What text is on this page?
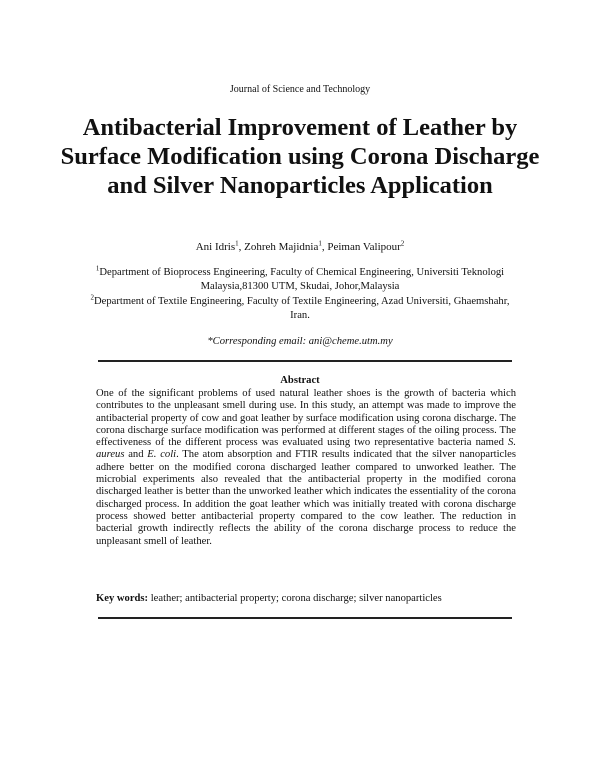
Journal of Science and Technology
Antibacterial Improvement of Leather by Surface Modification using Corona Discharge and Silver Nanoparticles Application
Ani Idris$^1$, Zohreh Majidnia$^1$, Peiman Valipour$^2$
$^1$Department of Bioprocess Engineering, Faculty of Chemical Engineering, Universiti Teknologi Malaysia,81300 UTM, Skudai, Johor,Malaysia
$^2$Department of Textile Engineering, Faculty of Textile Engineering, Azad Universiti, Ghaemshahr, Iran.
*Corresponding email: ani@cheme.utm.my
Abstract

One of the significant problems of used natural leather shoes is the growth of bacteria which contributes to the unpleasant smell during use. In this study, an attempt was made to improve the antibacterial property of cow and goat leather by surface modification using corona discharge. The corona discharge surface modification was performed at different stages of the oiling process. The effectiveness of the different process was evaluated using two representative bacteria named S. aureus and E. coli. The atom absorption and FTIR results indicated that the silver nanoparticles adhere better on the modified corona discharged leather compared to unworked leather. The microbial experiments also revealed that the antibacterial property in the modified corona discharged leather is better than the unworked leather which indicates the essentiality of the corona discharged process. In addition the goat leather which was initially treated with corona discharge process showed better antibacterial property compared to the cow leather. The reduction in bacterial growth indirectly reflects the ability of the corona discharge process to reduce the unpleasant smell of leather.

Key words: leather; antibacterial property; corona discharge; silver nanoparticles
